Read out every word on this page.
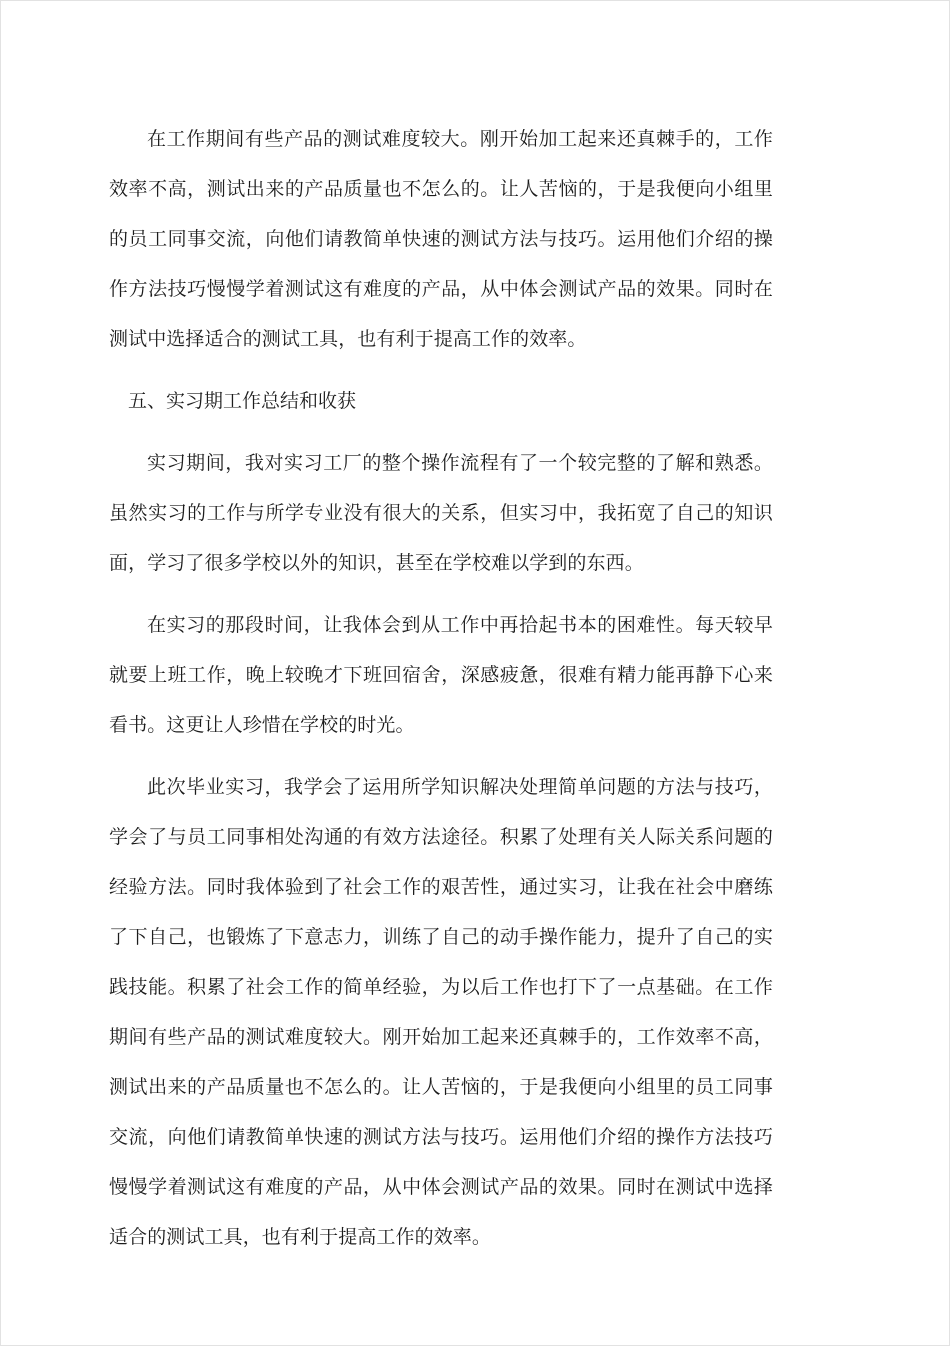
在工作期间有些产品的测试难度较大。刚开始加工起来还真棘手的，工作效率不高，测试出来的产品质量也不怎么的。让人苦恼的，于是我便向小组里的员工同事交流，向他们请教简单快速的测试方法与技巧。运用他们介绍的操作方法技巧慢慢学着测试这有难度的产品，从中体会测试产品的效果。同时在测试中选择适合的测试工具，也有利于提高工作的效率。

五、实习期工作总结和收获

实习期间，我对实习工厂的整个操作流程有了一个较完整的了解和熟悉。虽然实习的工作与所学专业没有很大的关系，但实习中，我拓宽了自己的知识面，学习了很多学校以外的知识，甚至在学校难以学到的东西。

在实习的那段时间，让我体会到从工作中再拾起书本的困难性。每天较早就要上班工作，晚上较晚才下班回宿舍，深感疲惫，很难有精力能再静下心来看书。这更让人珍惜在学校的时光。

此次毕业实习，我学会了运用所学知识解决处理简单问题的方法与技巧，学会了与员工同事相处沟通的有效方法途径。积累了处理有关人际关系问题的经验方法。同时我体验到了社会工作的艰苦性，通过实习，让我在社会中磨练了下自己，也锻炼了下意志力，训练了自己的动手操作能力，提升了自己的实践技能。积累了社会工作的简单经验，为以后工作也打下了一点基础。在工作期间有些产品的测试难度较大。刚开始加工起来还真棘手的，工作效率不高，测试出来的产品质量也不怎么的。让人苦恼的，于是我便向小组里的员工同事交流，向他们请教简单快速的测试方法与技巧。运用他们介绍的操作方法技巧慢慢学着测试这有难度的产品，从中体会测试产品的效果。同时在测试中选择适合的测试工具，也有利于提高工作的效率。
